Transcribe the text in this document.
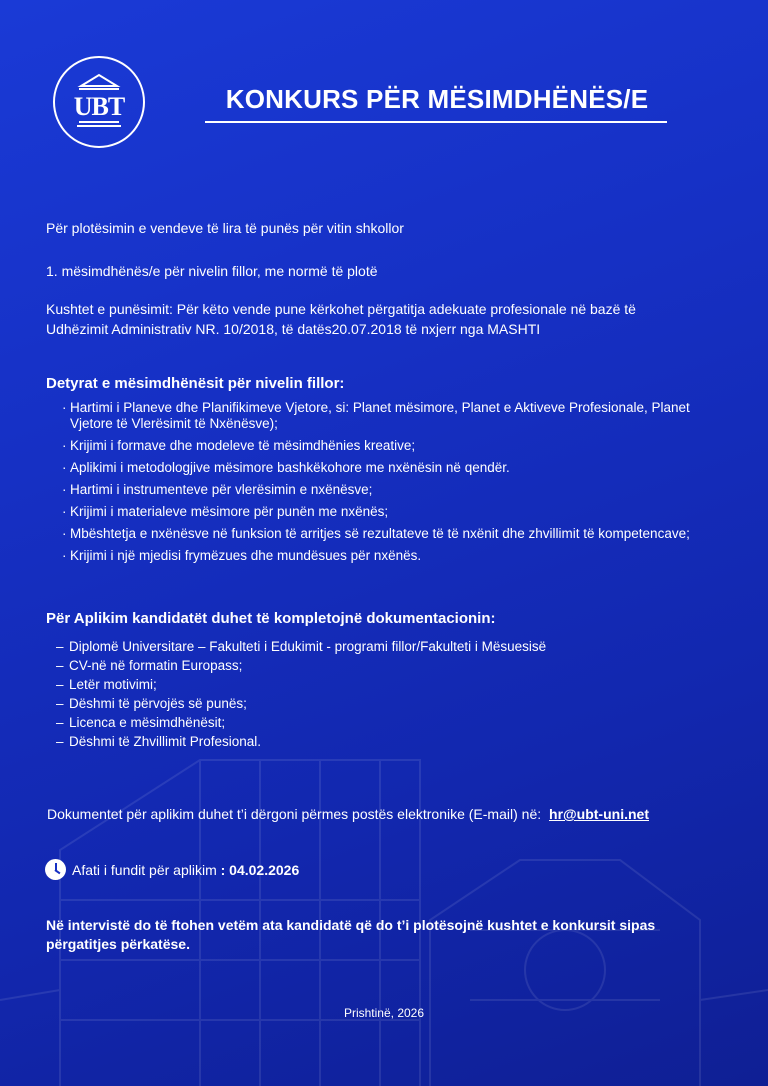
UBT	KONKURS PËR MËSIMDHËNËS/E
Për plotësimin e vendeve të lira të punës për vitin shkollor
1. mësimdhënës/e për nivelin fillor, me normë të plotë
Kushtet e punësimit: Për këto vende pune kërkohet përgatitja adekuate profesionale në bazë të
Udhëzimit Administrativ NR. 10/2018, të datës20.07.2018 të nxjerr nga MASHTI
Detyrat e mësimdhënësit për nivelin fillor:
· Hartimi i Planeve dhe Planifikimeve Vjetore, si: Planet mësimore, Planet e Aktiveve Profesionale, Planet Vjetore të Vlerësimit të Nxënësve);
· Krijimi i formave dhe modeleve të mësimdhënies kreative;
· Aplikimi i metodologjive mësimore bashkëkohore me nxënësin në qendër.
· Hartimi i instrumenteve për vlerësimin e nxënësve;
· Krijimi i materialeve mësimore për punën me nxënës;
· Mbështetja e nxënësve në funksion të arritjes së rezultateve të të nxënit dhe zhvillimit të kompetencave;
· Krijimi i një mjedisi frymëzues dhe mundësues për nxënës.
Për Aplikim kandidatët duhet të kompletojnë dokumentacionin:
– Diplomë Universitare – Fakulteti i Edukimit - programi fillor/Fakulteti i Mësuesisë
– CV-në në formatin Europass;
– Letër motivimi;
– Dëshmi të përvojës së punës;
– Licenca e mësimdhënësit;
– Dëshmi të Zhvillimit Profesional.
Dokumentet për aplikim duhet t’i dërgoni përmes postës elektronike (E-mail) në: hr@ubt-uni.net
Afati i fundit për aplikim : 04.02.2026
Në intervistë do të ftohen vetëm ata kandidatë që do t’i plotësojnë kushtet e konkursit sipas
përgatitjes përkatëse.
Prishtinë, 2026
